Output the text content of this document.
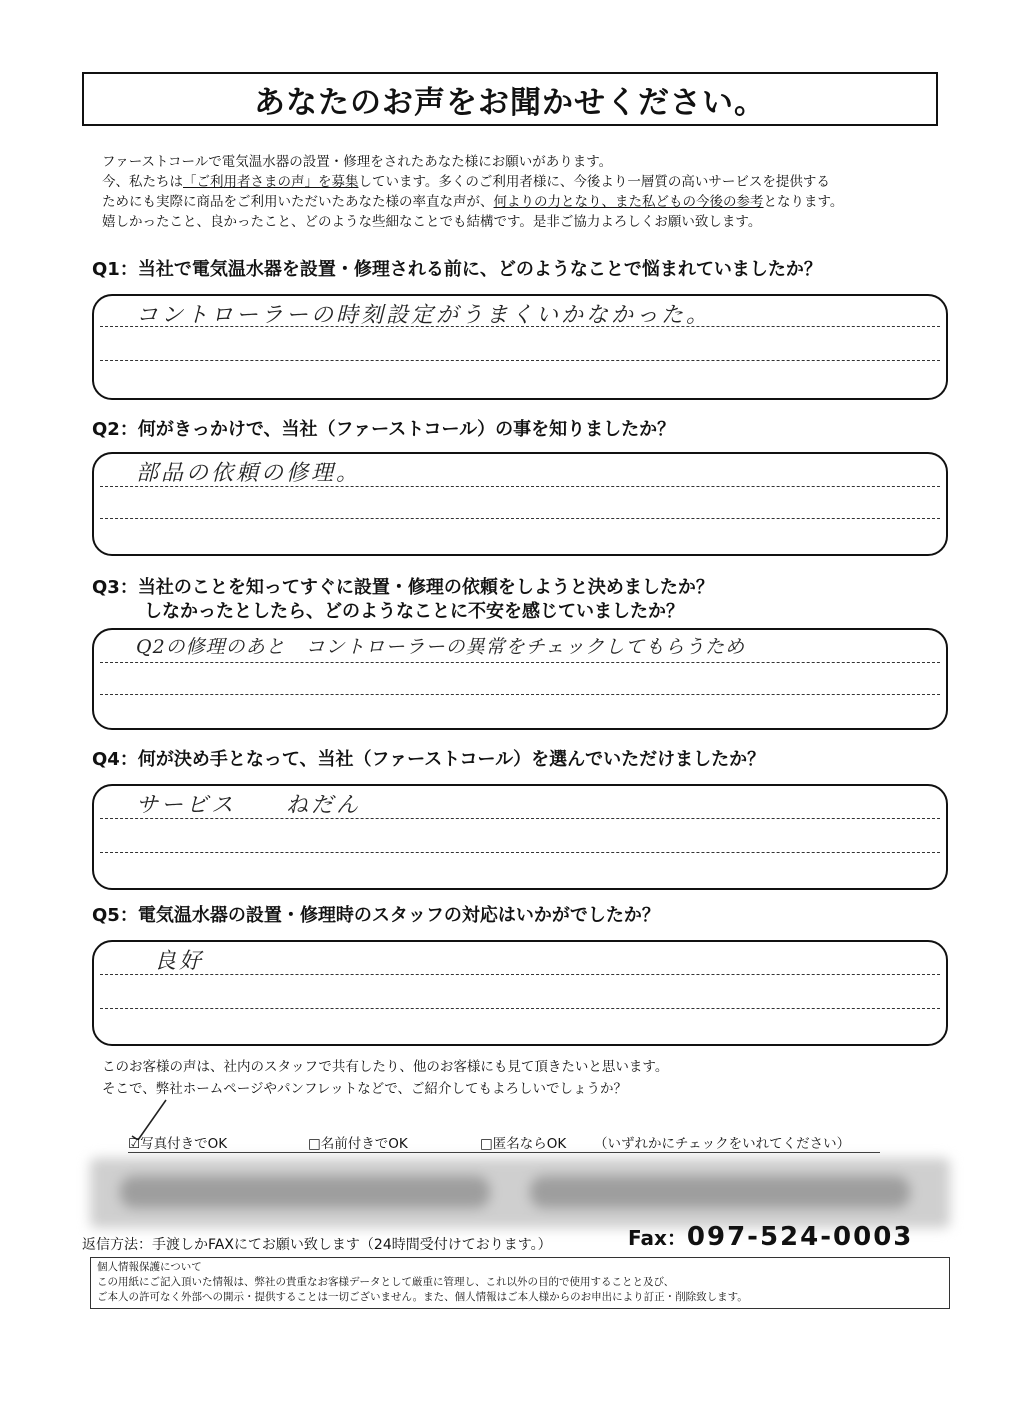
あなたのお声をお聞かせください。
ファーストコールで電気温水器の設置・修理をされたあなた様にお願いがあります。
今、私たちは「ご利用者さまの声」を募集しています。多くのご利用者様に、今後より一層質の高いサービスを提供する
ためにも実際に商品をご利用いただいたあなた様の率直な声が、何よりの力となり、また私どもの今後の参考となります。
嬉しかったこと、良かったこと、どのような些細なことでも結構です。是非ご協力よろしくお願い致します。
Q1：当社で電気温水器を設置・修理される前に、どのようなことで悩まれていましたか？
コントローラーの時刻設定がうまくいかなかった。
Q2：何がきっかけで、当社（ファーストコール）の事を知りましたか？
部品の依頼の修理。
Q3：当社のことを知ってすぐに設置・修理の依頼をしようと決めましたか？
しなかったとしたら、どのようなことに不安を感じていましたか？
Q2の修理のあと　コントローラーの異常をチェックしてもらうため
Q4：何が決め手となって、当社（ファーストコール）を選んでいただけましたか？
サービス　　ねだん
Q5：電気温水器の設置・修理時のスタッフの対応はいかがでしたか？
良好
このお客様の声は、社内のスタッフで共有したり、他のお客様にも見て頂きたいと思います。
そこで、弊社ホームページやパンフレットなどで、ご紹介してもよろしいでしょうか？
☑写真付きでOK	□名前付きでOK	□匿名ならOK （いずれかにチェックをいれてください）
返信方法：手渡しかFAXにてお願い致します（24時間受付けております。）	Fax：097-524-0003
個人情報保護について
この用紙にご記入頂いた情報は、弊社の貴重なお客様データとして厳重に管理し、これ以外の目的で使用することと及び、
ご本人の許可なく外部への開示・提供することは一切ございません。また、個人情報はご本人様からのお申出により訂正・削除致します。
